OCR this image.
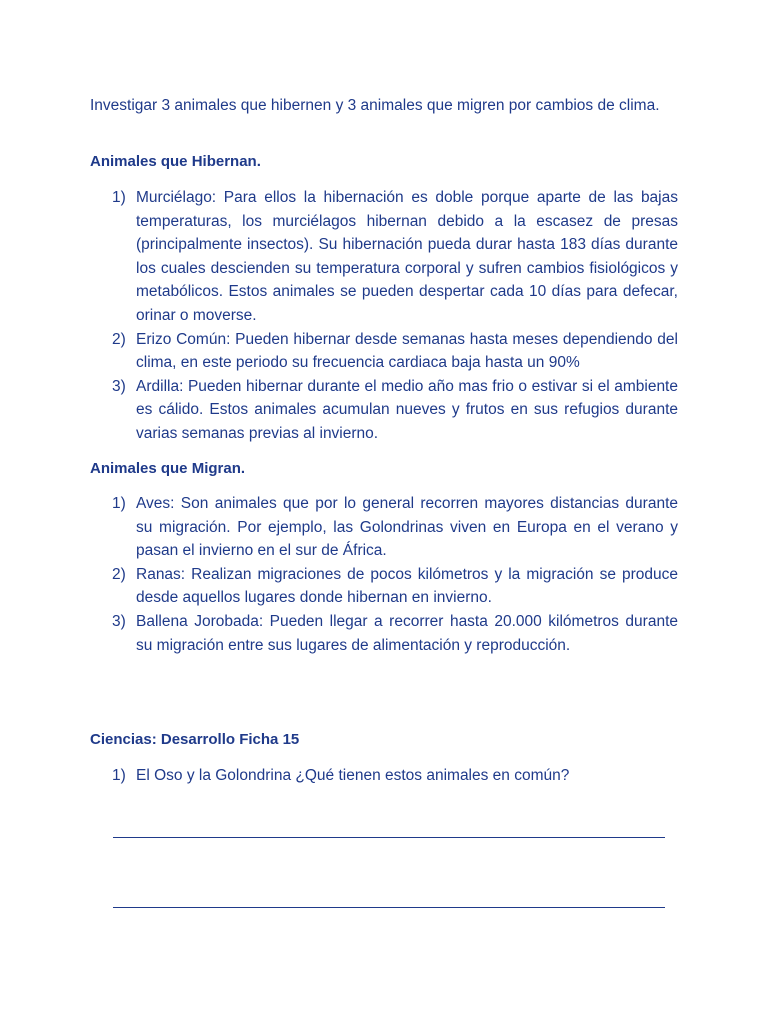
Investigar 3 animales que hibernen y 3 animales que migren por cambios de clima.
Animales que Hibernan.
1) Murciélago: Para ellos la hibernación es doble porque aparte de las bajas temperaturas, los murciélagos hibernan debido a la escasez de presas (principalmente insectos). Su hibernación pueda durar hasta 183 días durante los cuales descienden su temperatura corporal y sufren cambios fisiológicos y metabólicos. Estos animales se pueden despertar cada 10 días para defecar, orinar o moverse.
2) Erizo Común: Pueden hibernar desde semanas hasta meses dependiendo del clima, en este periodo su frecuencia cardiaca baja hasta un 90%
3) Ardilla: Pueden hibernar durante el medio año mas frio o estivar si el ambiente es cálido. Estos animales acumulan nueves y frutos en sus refugios durante varias semanas previas al invierno.
Animales que Migran.
1) Aves: Son animales que por lo general recorren mayores distancias durante su migración. Por ejemplo, las Golondrinas viven en Europa en el verano y pasan el invierno en el sur de África.
2) Ranas: Realizan migraciones de pocos kilómetros y la migración se produce desde aquellos lugares donde hibernan en invierno.
3) Ballena Jorobada: Pueden llegar a recorrer hasta 20.000 kilómetros durante su migración entre sus lugares de alimentación y reproducción.
Ciencias: Desarrollo Ficha 15
1) El Oso y la Golondrina ¿Qué tienen estos animales en común?
